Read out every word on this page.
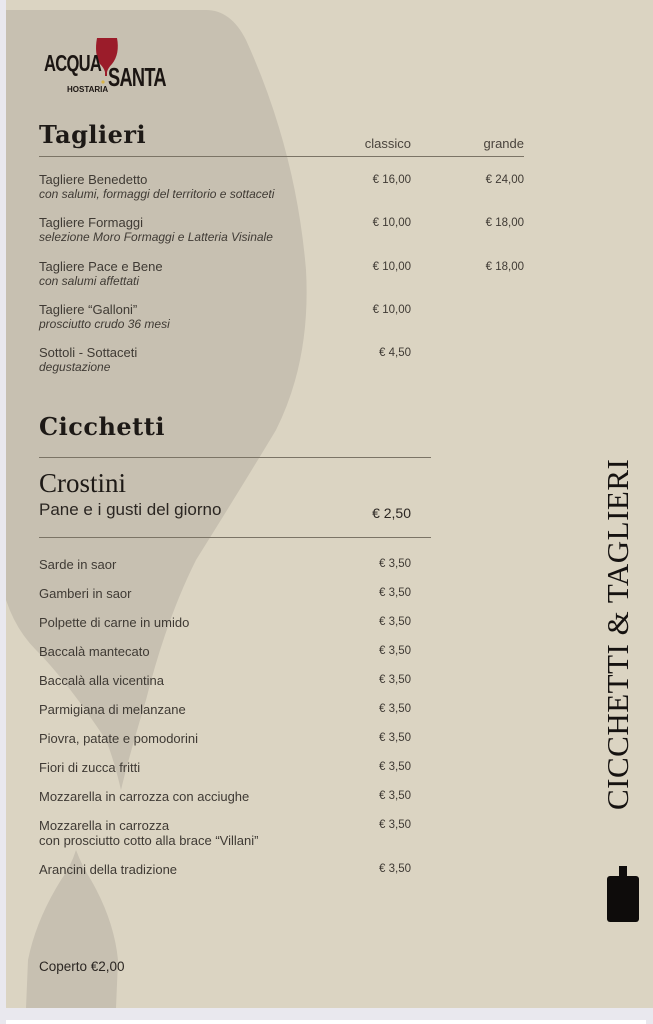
ACQUA SANTA
HOSTARIA
Taglieri	classico	grande
Tagliere Benedetto
con salumi, formaggi del territorio e sottaceti
€ 16,00	€ 24,00
Tagliere Formaggi
selezione Moro Formaggi e Latteria Visinale
€ 10,00	€ 18,00
Tagliere Pace e Bene
con salumi affettati
€ 10,00	€ 18,00
Tagliere “Galloni”
prosciutto crudo 36 mesi
€ 10,00
Sottoli - Sottaceti
degustazione
€ 4,50
Cicchetti
Crostini
Pane e i gusti del giorno	€ 2,50
Sarde in saor	€ 3,50
Gamberi in saor	€ 3,50
Polpette di carne in umido	€ 3,50
Baccalà mantecato	€ 3,50
Baccalà alla vicentina	€ 3,50
Parmigiana di melanzane	€ 3,50
Piovra, patate e pomodorini	€ 3,50
Fiori di zucca fritti	€ 3,50
Mozzarella in carrozza con acciughe	€ 3,50
Mozzarella in carrozza
con prosciutto cotto alla brace “Villani”
€ 3,50
Arancini della tradizione	€ 3,50
CICCHETTI & TAGLIERI
Coperto €2,00
